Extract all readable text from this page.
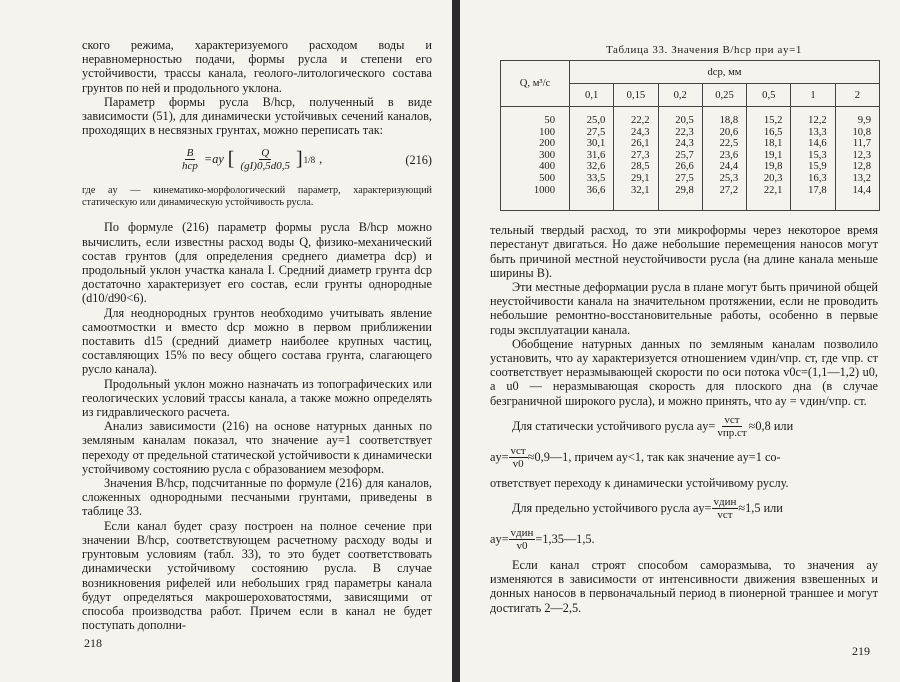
ского режима, характеризуемого расходом воды и неравномерностью подачи, формы русла и степени его устойчивости, трассы канала, геолого-литологического состава грунтов по ней и продольного уклона.

Параметр формы русла B/hср, полученный в виде зависимости (51), для динамически устойчивых сечений каналов, проходящих в несвязных грунтах, можно переписать так:

$\frac{B}{\text{hср}} =aу$ [ $\frac{Q}{(gI)0,5d0,5}$ ] 1/8 ,	(216)

где aу — кинематико-морфологический параметр, характеризующий статическую или динамическую устойчивость русла.

По формуле (216) параметр формы русла B/hср можно вычислить, если известны расход воды Q, физико-механический состав грунтов (для определения среднего диаметра dср) и продольный уклон участка канала I. Средний диаметр грунта dср достаточно характеризует его состав, если грунты однородные (d10/d90<6).

Для неоднородных грунтов необходимо учитывать явление самоотмостки и вместо dср можно в первом приближении поставить d15 (средний диаметр наиболее крупных частиц, составляющих 15% по весу общего состава грунта, слагающего русло канала).

Продольный уклон можно назначать из топографических или геологических условий трассы канала, а также можно определять из гидравлического расчета.

Анализ зависимости (216) на основе натурных данных по земляным каналам показал, что значение aу=1 соответствует переходу от предельной статической устойчивости к динамически устойчивому состоянию русла с образованием мезоформ.

Значения B/hср, подсчитанные по формуле (216) для каналов, сложенных однородными песчаными грунтами, приведены в таблице 33.

Если канал будет сразу построен на полное сечение при значении B/hср, соответствующем расчетному расходу воды и грунтовым условиям (табл. 33), то это будет соответствовать динамически устойчивому состоянию русла. В случае возникновения рифелей или небольших гряд параметры канала будут определяться макрошероховатостями, зависящими от способа производства работ. Причем если в канал не будет поступать дополни-

218
Таблица 33. Значения B/hср при aу=1
Q, м³/с	dср, мм						
	0,1	0,15	0,2	0,25	0,5	1	2
50	25,0	22,2	20,5	18,8	15,2	12,2	9,9
100	27,5	24,3	22,3	20,6	16,5	13,3	10,8
200	30,1	26,1	24,3	22,5	18,1	14,6	11,7
300	31,6	27,3	25,7	23,6	19,1	15,3	12,3
400	32,6	28,5	26,6	24,4	19,8	15,9	12,8
500	33,5	29,1	27,5	25,3	20,3	16,3	13,2
1000	36,6	32,1	29,8	27,2	22,1	17,8	14,4

тельный твердый расход, то эти микроформы через некоторое время перестанут двигаться. Но даже небольшие перемещения наносов могут быть причиной местной неустойчивости русла (на длине канала меньше ширины B).

Эти местные деформации русла в плане могут быть причиной общей неустойчивости канала на значительном протяжении, если не проводить небольшие ремонтно-восстановительные работы, особенно в первые годы эксплуатации канала.

Обобщение натурных данных по земляным каналам позволило установить, что aу характеризуется отношением vдин/vпр. ст, где vпр. ст соответствует неразмывающей скорости по оси потока v0с=(1,1—1,2) u0, а u0 — неразмывающая скорость для плоского дна (в случае безграничной широкого русла), и можно принять, что aу = vдин/vпр. ст.

Для статически устойчивого русла $aу= \frac{\text{vст}}{\text{vпр.ст}} \approx 0,8$ или
$aу= \frac{\text{vст}}{v0}$ ≈0,9—1, причем aу<1, так как значение aу=1 со-

ответствует переходу к динамически устойчивому руслу.

Для предельно устойчивого русла $aу= \frac{\text{vдин}}{\text{vст}} \approx 1,5$ или
$aу= \frac{\text{vдин}}{v0}$ =1,35—1,5.

Если канал строят способом саморазмыва, то значения aу изменяются в зависимости от интенсивности движения взвешенных и донных наносов в первоначальный период в пионерной траншее и могут достигать 2—2,5.

219
